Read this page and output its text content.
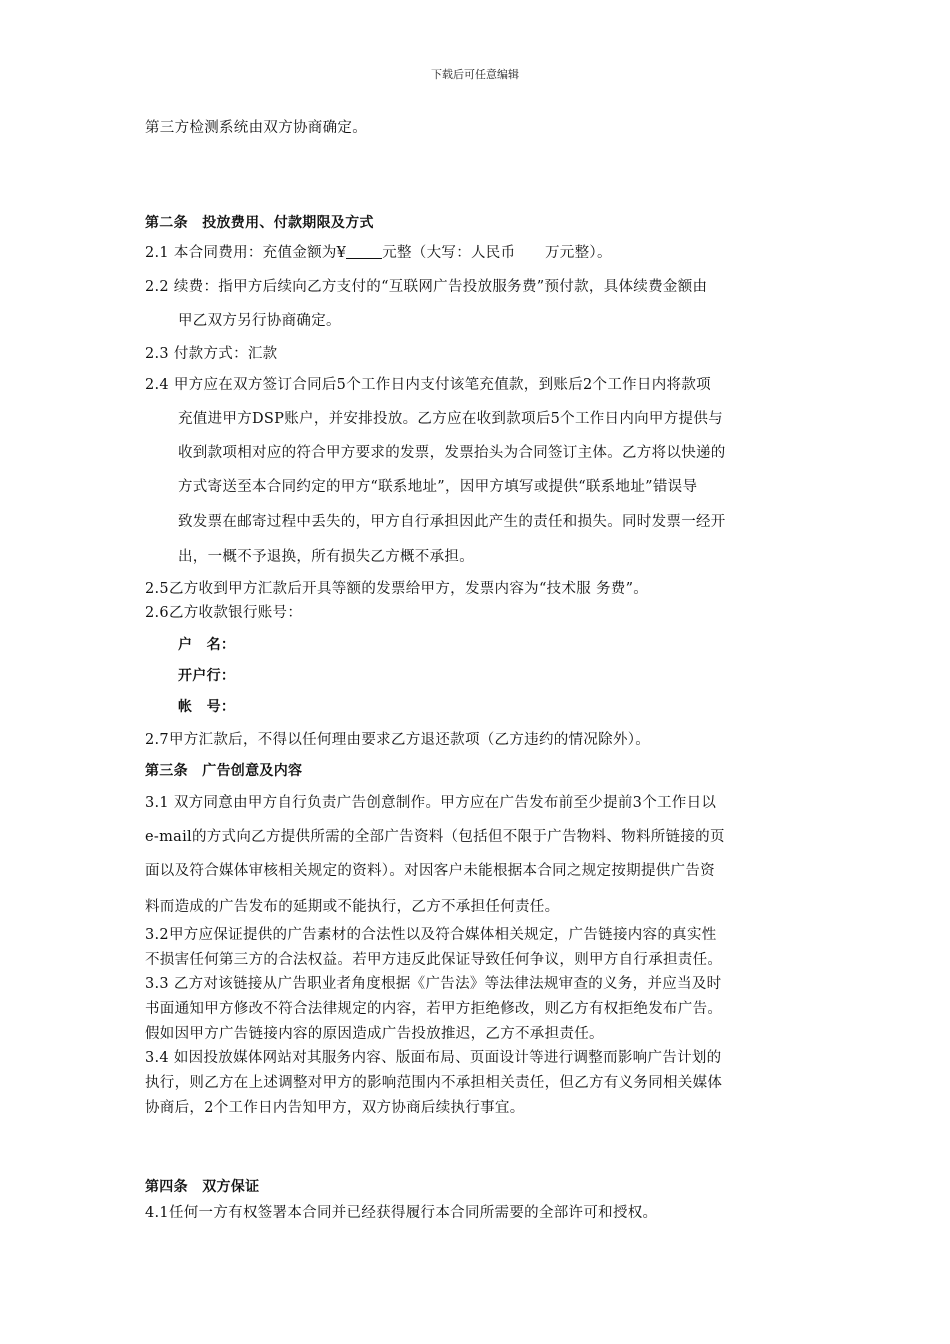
下载后可任意编辑
第三方检测系统由双方协商确定。
第二条　投放费用、付款期限及方式
2.1 本合同费用：充值金额为¥ 元整（大写：人民币　　万元整）。
2.2 续费：指甲方后续向乙方支付的“互联网广告投放服务费”预付款，具体续费金额由
甲乙双方另行协商确定。
2.3 付款方式：汇款
2.4 甲方应在双方签订合同后5个工作日内支付该笔充值款，到账后2个工作日内将款项
充值进甲方DSP账户，并安排投放。乙方应在收到款项后5个工作日内向甲方提供与
收到款项相对应的符合甲方要求的发票，发票抬头为合同签订主体。乙方将以快递的
方式寄送至本合同约定的甲方“联系地址”，因甲方填写或提供“联系地址”错误导
致发票在邮寄过程中丢失的，甲方自行承担因此产生的责任和损失。同时发票一经开
出，一概不予退换，所有损失乙方概不承担。
2.5乙方收到甲方汇款后开具等额的发票给甲方，发票内容为“技术服 务费”。
2.6乙方收款银行账号：
户　名：
开户行：
帐　号：
2.7甲方汇款后，不得以任何理由要求乙方退还款项（乙方违约的情况除外）。
第三条　广告创意及内容
3.1 双方同意由甲方自行负责广告创意制作。甲方应在广告发布前至少提前3个工作日以
e-mail的方式向乙方提供所需的全部广告资料（包括但不限于广告物料、物料所链接的页
面以及符合媒体审核相关规定的资料）。对因客户未能根据本合同之规定按期提供广告资
料而造成的广告发布的延期或不能执行，乙方不承担任何责任。
3.2甲方应保证提供的广告素材的合法性以及符合媒体相关规定，广告链接内容的真实性
不损害任何第三方的合法权益。若甲方违反此保证导致任何争议，则甲方自行承担责任。
3.3 乙方对该链接从广告职业者角度根据《广告法》等法律法规审查的义务，并应当及时
书面通知甲方修改不符合法律规定的内容，若甲方拒绝修改，则乙方有权拒绝发布广告。
假如因甲方广告链接内容的原因造成广告投放推迟，乙方不承担责任。
3.4 如因投放媒体网站对其服务内容、版面布局、页面设计等进行调整而影响广告计划的
执行，则乙方在上述调整对甲方的影响范围内不承担相关责任，但乙方有义务同相关媒体
协商后，2个工作日内告知甲方，双方协商后续执行事宜。
第四条　双方保证
4.1任何一方有权签署本合同并已经获得履行本合同所需要的全部许可和授权。
